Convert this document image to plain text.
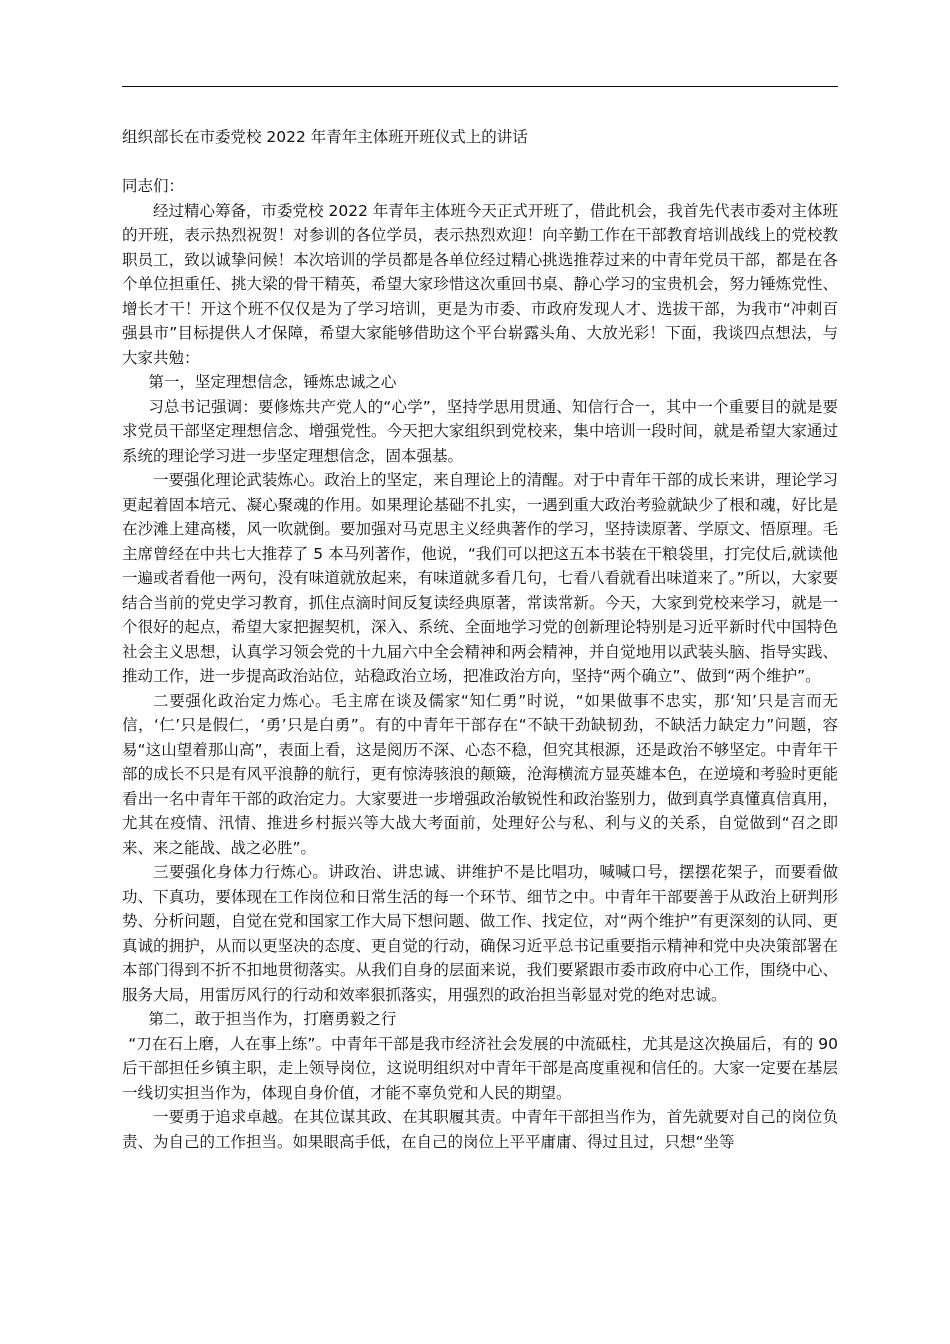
组织部长在市委党校 2022 年青年主体班开班仪式上的讲话

同志们：

经过精心筹备，市委党校 2022 年青年主体班今天正式开班了，借此机会，我首先代表市委对主体班的开班，表示热烈祝贺！对参训的各位学员，表示热烈欢迎！向辛勤工作在干部教育培训战线上的党校教职员工，致以诚挚问候！本次培训的学员都是各单位经过精心挑选推荐过来的中青年党员干部，都是在各个单位担重任、挑大梁的骨干精英，希望大家珍惜这次重回书桌、静心学习的宝贵机会，努力锤炼党性、增长才干！开这个班不仅仅是为了学习培训，更是为市委、市政府发现人才、选拔干部，为我市“冲刺百强县市”目标提供人才保障，希望大家能够借助这个平台崭露头角、大放光彩！下面，我谈四点想法，与大家共勉：

第一，坚定理想信念，锤炼忠诚之心

习总书记强调：要修炼共产党人的“心学”，坚持学思用贯通、知信行合一，其中一个重要目的就是要求党员干部坚定理想信念、增强党性。今天把大家组织到党校来，集中培训一段时间，就是希望大家通过系统的理论学习进一步坚定理想信念，固本强基。

一要强化理论武装炼心。政治上的坚定，来自理论上的清醒。对于中青年干部的成长来讲，理论学习更起着固本培元、凝心聚魂的作用。如果理论基础不扎实，一遇到重大政治考验就缺少了根和魂，好比是在沙滩上建高楼，风一吹就倒。要加强对马克思主义经典著作的学习，坚持读原著、学原文、悟原理。毛主席曾经在中共七大推荐了 5 本马列著作，他说，“我们可以把这五本书装在干粮袋里，打完仗后,就读他一遍或者看他一两句，没有味道就放起来，有味道就多看几句，七看八看就看出味道来了。”所以，大家要结合当前的党史学习教育，抓住点滴时间反复读经典原著，常读常新。今天，大家到党校来学习，就是一个很好的起点，希望大家把握契机，深入、系统、全面地学习党的创新理论特别是习近平新时代中国特色社会主义思想，认真学习领会党的十九届六中全会精神和两会精神，并自觉地用以武装头脑、指导实践、推动工作，进一步提高政治站位，站稳政治立场，把准政治方向，坚持“两个确立”、做到“两个维护”。

二要强化政治定力炼心。毛主席在谈及儒家“知仁勇”时说，“如果做事不忠实，那‘知’只是言而无信，‘仁’只是假仁，‘勇’只是白勇”。有的中青年干部存在“不缺干劲缺韧劲，不缺活力缺定力”问题，容易“这山望着那山高”，表面上看，这是阅历不深、心态不稳，但究其根源，还是政治不够坚定。中青年干部的成长不只是有风平浪静的航行，更有惊涛骇浪的颠簸，沧海横流方显英雄本色，在逆境和考验时更能看出一名中青年干部的政治定力。大家要进一步增强政治敏锐性和政治鉴别力，做到真学真懂真信真用，尤其在疫情、汛情、推进乡村振兴等大战大考面前，处理好公与私、利与义的关系，自觉做到“召之即来、来之能战、战之必胜”。

三要强化身体力行炼心。讲政治、讲忠诚、讲维护不是比唱功，喊喊口号，摆摆花架子，而要看做功、下真功，要体现在工作岗位和日常生活的每一个环节、细节之中。中青年干部要善于从政治上研判形势、分析问题，自觉在党和国家工作大局下想问题、做工作、找定位，对“两个维护”有更深刻的认同、更真诚的拥护，从而以更坚决的态度、更自觉的行动，确保习近平总书记重要指示精神和党中央决策部署在本部门得到不折不扣地贯彻落实。从我们自身的层面来说，我们要紧跟市委市政府中心工作，围绕中心、服务大局，用雷厉风行的行动和效率狠抓落实，用强烈的政治担当彰显对党的绝对忠诚。

第二，敢于担当作为，打磨勇毅之行

“刀在石上磨，人在事上练”。中青年干部是我市经济社会发展的中流砥柱，尤其是这次换届后，有的 90 后干部担任乡镇主职，走上领导岗位，这说明组织对中青年干部是高度重视和信任的。大家一定要在基层一线切实担当作为，体现自身价值，才能不辜负党和人民的期望。

一要勇于追求卓越。在其位谋其政、在其职履其责。中青年干部担当作为，首先就要对自己的岗位负责、为自己的工作担当。如果眼高手低，在自己的岗位上平平庸庸、得过且过，只想“坐等
